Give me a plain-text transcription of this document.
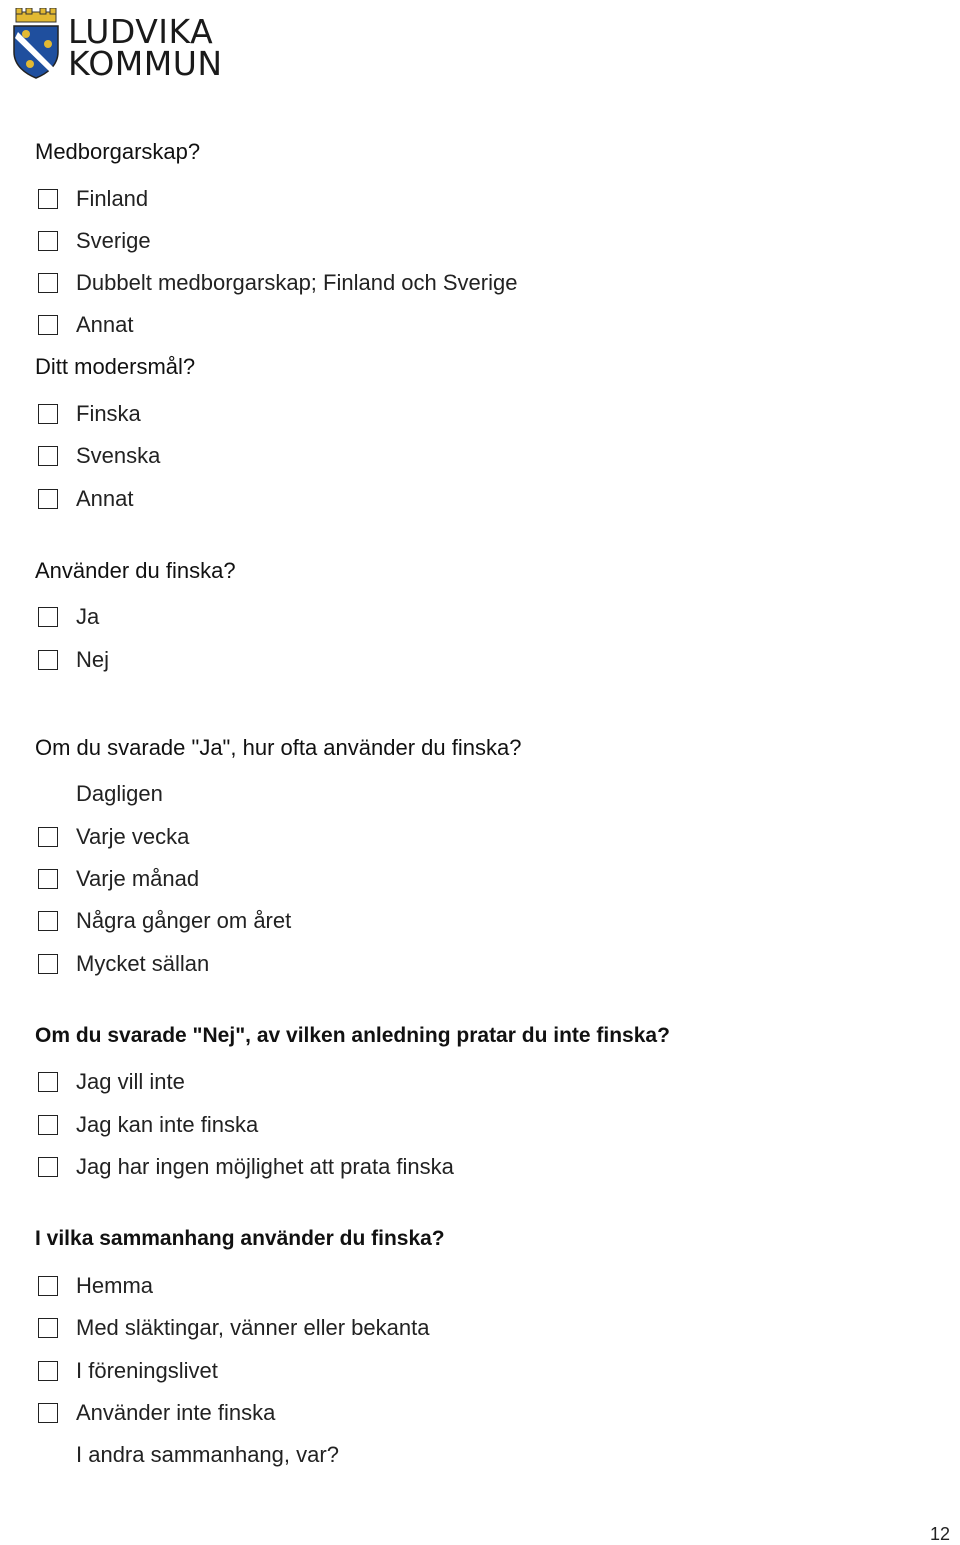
LUDVIKA
KOMMUN
Medborgarskap?
Finland
Sverige
Dubbelt medborgarskap; Finland och Sverige
Annat
Ditt modersmål?
Finska
Svenska
Annat
Använder du finska?
Ja
Nej
Om du svarade "Ja", hur ofta använder du finska?
Dagligen
Varje vecka
Varje månad
Några gånger om året
Mycket sällan
Om du svarade "Nej", av vilken anledning pratar du inte finska?
Jag vill inte
Jag kan inte finska
Jag har ingen möjlighet att prata finska
I vilka sammanhang använder du finska?
Hemma
Med släktingar, vänner eller bekanta
I föreningslivet
Använder inte finska
I andra sammanhang, var?
12
